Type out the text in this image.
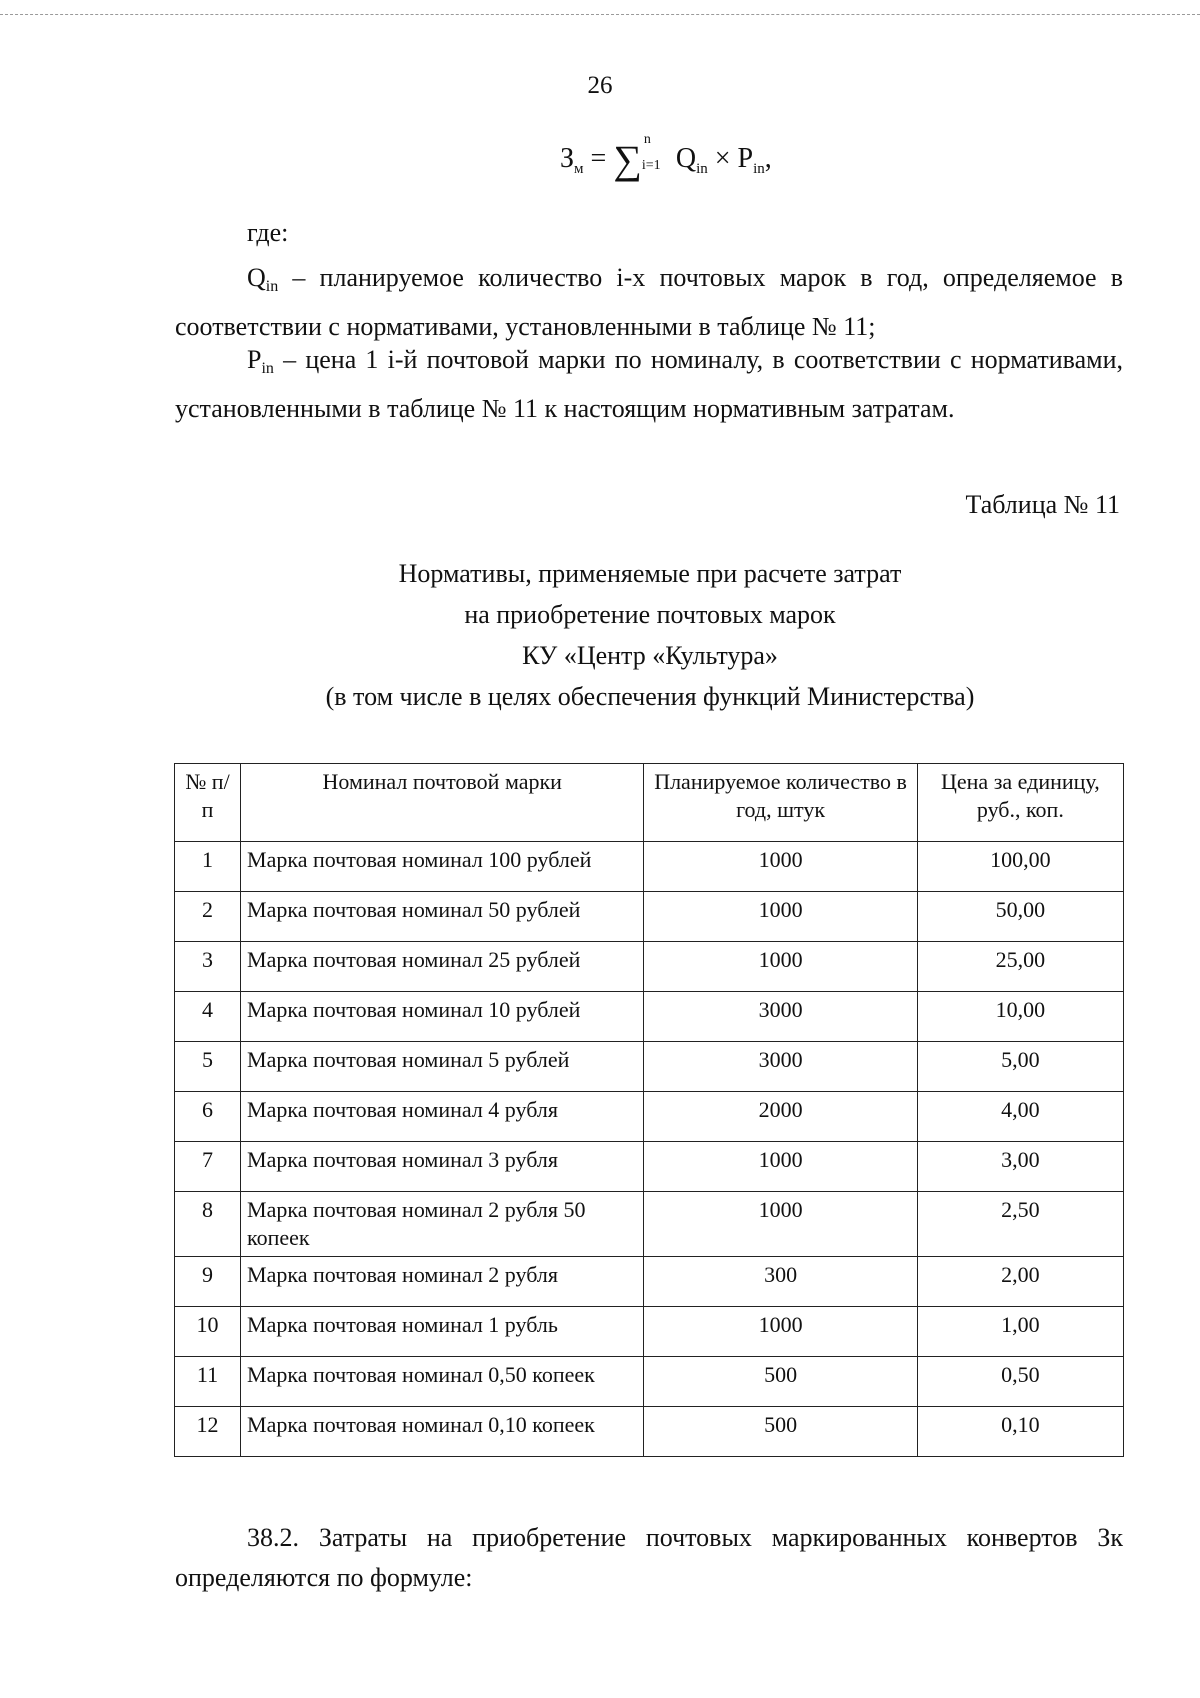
26
$З_м$ = ∑ n
i=1 $Q_{in} \times P_{in}$,
где:
$Q_{in}$ – планируемое количество i-х почтовых марок в год, определяемое в соответствии с нормативами, установленными в таблице № 11;
$P_{in}$ – цена 1 i-й почтовой марки по номиналу, в соответствии с нормативами, установленными в таблице № 11 к настоящим нормативным затратам.
Таблица № 11
Нормативы, применяемые при расчете затрат
на приобретение почтовых марок
КУ «Центр «Культура»
(в том числе в целях обеспечения функций Министерства)
№ п/п	Номинал почтовой марки	Планируемое количество в год, штук	Цена за единицу, руб., коп.
1	Марка почтовая номинал 100 рублей	1000	100,00
2	Марка почтовая номинал 50 рублей	1000	50,00
3	Марка почтовая номинал 25 рублей	1000	25,00
4	Марка почтовая номинал 10 рублей	3000	10,00
5	Марка почтовая номинал 5 рублей	3000	5,00
6	Марка почтовая номинал 4 рубля	2000	4,00
7	Марка почтовая номинал 3 рубля	1000	3,00
8	Марка почтовая номинал 2 рубля 50 копеек	1000	2,50
9	Марка почтовая номинал 2 рубля	300	2,00
10	Марка почтовая номинал 1 рубль	1000	1,00
11	Марка почтовая номинал 0,50 копеек	500	0,50
12	Марка почтовая номинал 0,10 копеек	500	0,10
38.2. Затраты на приобретение почтовых маркированных конвертов Зк определяются по формуле:
